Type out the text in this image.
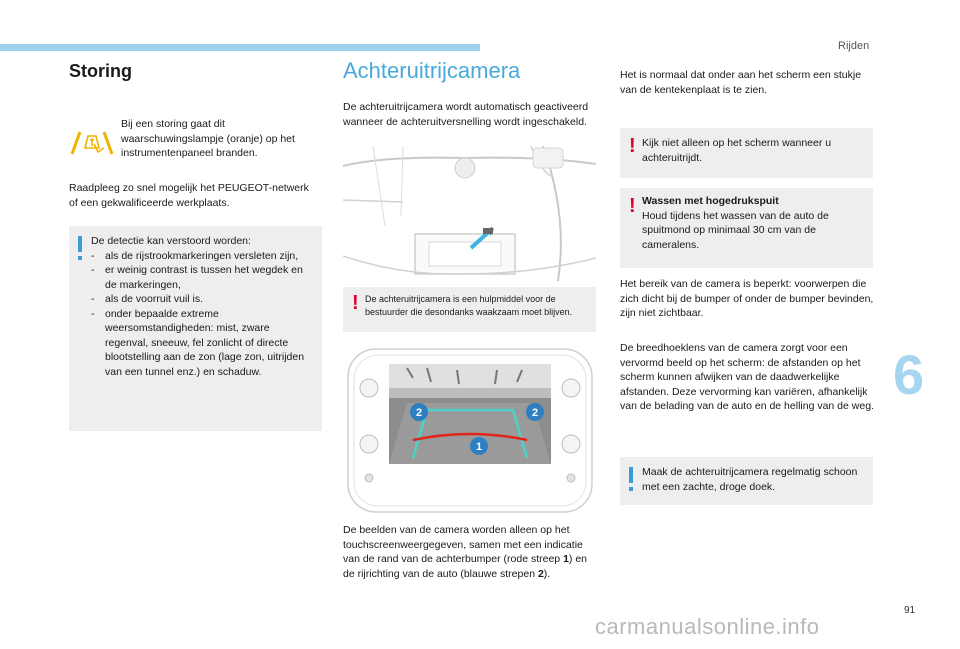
Rijden
6
Storing

Bij een storing gaat dit waarschuwingslampje (oranje) op het instrumentenpaneel branden.

Raadpleeg zo snel mogelijk het PEUGEOT-netwerk of een gekwalificeerde werkplaats.

De detectie kan verstoord worden:

- als de rijstrookmarkeringen versleten zijn,
- er weinig contrast is tussen het wegdek en de markeringen,
- als de voorruit vuil is.
- onder bepaalde extreme weersomstandigheden: mist, zware regenval, sneeuw, fel zonlicht of directe blootstelling aan de zon (lage zon, uitrijden van een tunnel enz.) en schaduw.
Achteruitrijcamera

De achteruitrijcamera wordt automatisch geactiveerd wanneer de achteruitversnelling wordt ingeschakeld.

! De achteruitrijcamera is een hulpmiddel voor de bestuurder die desondanks waakzaam moet blijven.

2	2
1

De beelden van de camera worden alleen op het touchscreenweergegeven, samen met een indicatie van de rand van de achterbumper (rode streep 1) en de rijrichting van de auto (blauwe strepen 2).

Het is normaal dat onder aan het scherm een stukje van de kentekenplaat is te zien.

! Kijk niet alleen op het scherm wanneer u achteruitrijdt.

! Wassen met hogedrukspuit
Houd tijdens het wassen van de auto de spuitmond op minimaal 30 cm van de cameralens.

Het bereik van de camera is beperkt: voorwerpen die zich dicht bij de bumper of onder de bumper bevinden, zijn niet zichtbaar.

De breedhoeklens van de camera zorgt voor een vervormd beeld op het scherm: de afstanden op het scherm kunnen afwijken van de daadwerkelijke afstanden. Deze vervorming kan variëren, afhankelijk van de belading van de auto en de helling van de weg.

Maak de achteruitrijcamera regelmatig schoon met een zachte, droge doek.

91
carmanualsonline.info
